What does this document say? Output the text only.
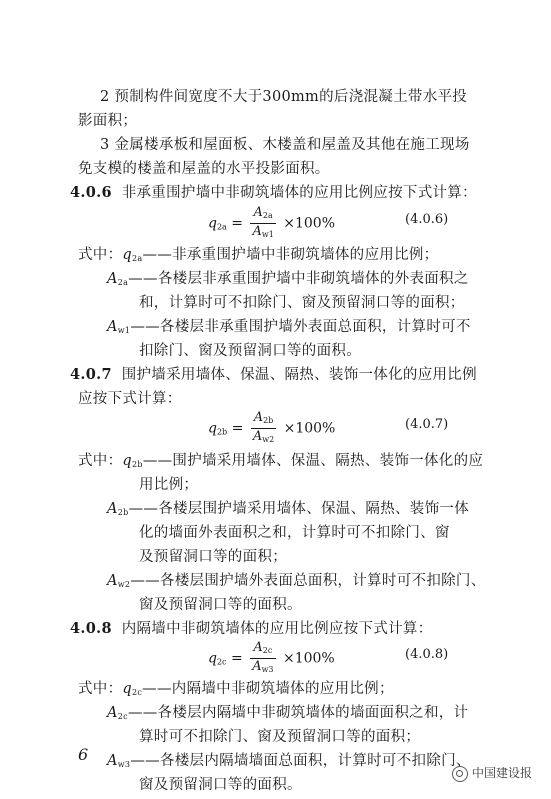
2 预制构件间宽度不大于300mm的后浇混凝土带水平投
影面积；
3 金属楼承板和屋面板、木楼盖和屋盖及其他在施工现场
免支模的楼盖和屋盖的水平投影面积。
4.0.6 非承重围护墙中非砌筑墙体的应用比例应按下式计算：
$q_{2a} = \frac{A_{2a}}{A_{w1}} \times 100\%$	(4.0.6)
式中：$q_{2a}——$非承重围护墙中非砌筑墙体的应用比例；
$A_{2a}——$各楼层非承重围护墙中非砌筑墙体的外表面积之
和，计算时可不扣除门、窗及预留洞口等的面积；
$A_{w1}——$各楼层非承重围护墙外表面总面积，计算时可不
扣除门、窗及预留洞口等的面积。
4.0.7 围护墙采用墙体、保温、隔热、装饰一体化的应用比例
应按下式计算：
$q_{2b} = \frac{A_{2b}}{A_{w2}} \times 100\%$	(4.0.7)
式中：$q_{2b}——$围护墙采用墙体、保温、隔热、装饰一体化的应
用比例；
$A_{2b}——$各楼层围护墙采用墙体、保温、隔热、装饰一体
化的墙面外表面积之和，计算时可不扣除门、窗
及预留洞口等的面积；
$A_{w2}——$各楼层围护墙外表面总面积，计算时可不扣除门、
窗及预留洞口等的面积。
4.0.8 内隔墙中非砌筑墙体的应用比例应按下式计算：
$q_{2c} = \frac{A_{2c}}{A_{w3}} \times 100\%$	(4.0.8)
式中：$q_{2c}——$内隔墙中非砌筑墙体的应用比例；
$A_{2c}——$各楼层内隔墙中非砌筑墙体的墙面面积之和，计
算时可不扣除门、窗及预留洞口等的面积；
$A_{w3}——$各楼层内隔墙墙面总面积，计算时可不扣除门、
窗及预留洞口等的面积。
6
中国建设报
